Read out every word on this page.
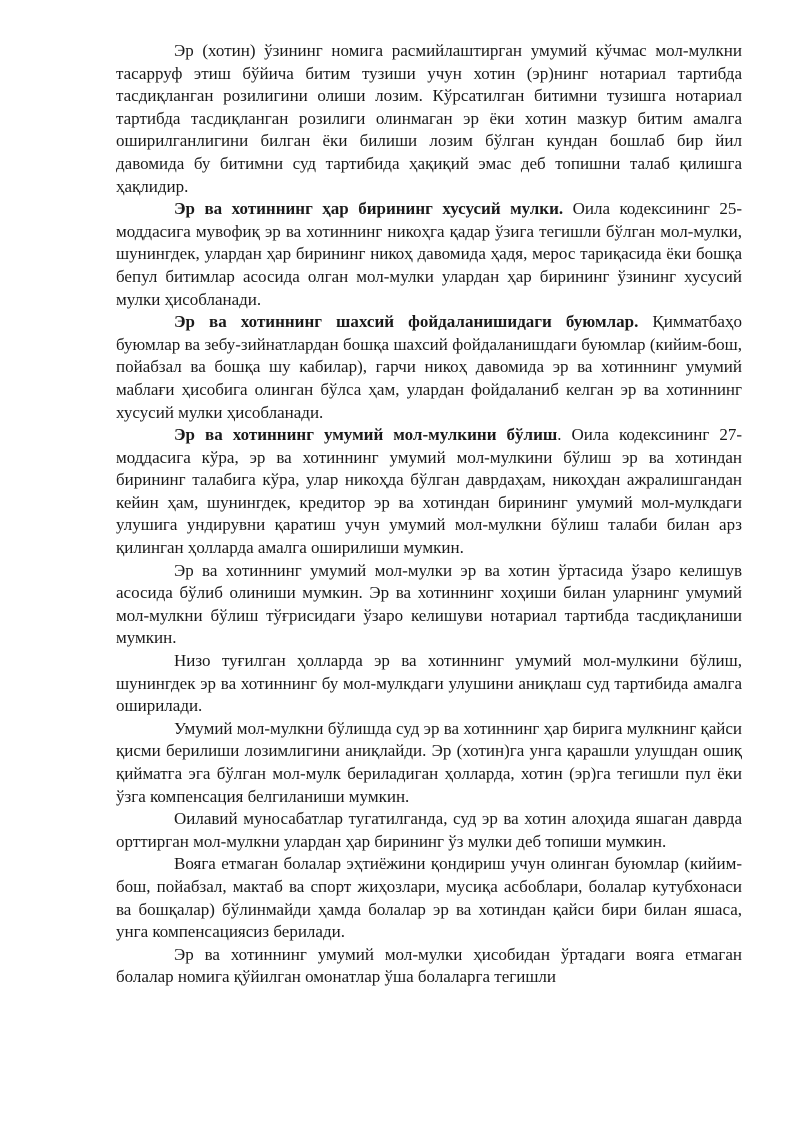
Эр (хотин) ўзининг номига расмийлаштирган умумий кўчмас мол-мулкни тасарруф этиш бўйича битим тузиши учун хотин (эр)нинг нотариал тартибда тасдиқланган розилигини олиши лозим. Кўрсатилган битимни тузишга нотариал тартибда тасдиқланган розилиги олинмаган эр ёки хотин мазкур битим амалга оширилганлигини билган ёки билиши лозим бўлган кундан бошлаб бир йил давомида бу битимни суд тартибида ҳақиқий эмас деб топишни талаб қилишга ҳақлидир.

Эр ва хотиннинг ҳар бирининг хусусий мулки. Оила кодексининг 25-моддасига мувофиқ эр ва хотиннинг никоҳга қадар ўзига тегишли бўлган мол-мулки, шунингдек, улардан ҳар бирининг никоҳ давомида ҳадя, мерос тариқасида ёки бошқа бепул битимлар асосида олган мол-мулки улардан ҳар бирининг ўзининг хусусий мулки ҳисобланади.

Эр ва хотиннинг шахсий фойдаланишидаги буюмлар. Қимматбаҳо буюмлар ва зебу-зийнатлардан бошқа шахсий фойдаланишдаги буюмлар (кийим-бош, пойабзал ва бошқа шу кабилар), гарчи никоҳ давомида эр ва хотиннинг умумий маблағи ҳисобига олинган бўлса ҳам, улардан фойдаланиб келган эр ва хотиннинг хусусий мулки ҳисобланади.

Эр ва хотиннинг умумий мол-мулкини бўлиш. Оила кодексининг 27-моддасига кўра, эр ва хотиннинг умумий мол-мулкини бўлиш эр ва хотиндан бирининг талабига кўра, улар никоҳда бўлган даврдаҳам, никоҳдан ажралишгандан кейин ҳам, шунингдек, кредитор эр ва хотиндан бирининг умумий мол-мулкдаги улушига ундирувни қаратиш учун умумий мол-мулкни бўлиш талаби билан арз қилинган ҳолларда амалга оширилиши мумкин.

Эр ва хотиннинг умумий мол-мулки эр ва хотин ўртасида ўзаро келишув асосида бўлиб олиниши мумкин. Эр ва хотиннинг хоҳиши билан уларнинг умумий мол-мулкни бўлиш тўғрисидаги ўзаро келишуви нотариал тартибда тасдиқланиши мумкин.

Низо туғилган ҳолларда эр ва хотиннинг умумий мол-мулкини бўлиш, шунингдек эр ва хотиннинг бу мол-мулкдаги улушини аниқлаш суд тартибида амалга оширилади.

Умумий мол-мулкни бўлишда суд эр ва хотиннинг ҳар бирига мулкнинг қайси қисми берилиши лозимлигини аниқлайди. Эр (хотин)га унга қарашли улушдан ошиқ қийматга эга бўлган мол-мулк бериладиган ҳолларда, хотин (эр)га тегишли пул ёки ўзга компенсация белгиланиши мумкин.

Оилавий муносабатлар тугатилганда, суд эр ва хотин алоҳида яшаган даврда орттирган мол-мулкни улардан ҳар бирининг ўз мулки деб топиши мумкин.

Вояга етмаган болалар эҳтиёжини қондириш учун олинган буюмлар (кийим-бош, пойабзал, мактаб ва спорт жиҳозлари, мусиқа асбоблари, болалар кутубхонаси ва бошқалар) бўлинмайди ҳамда болалар эр ва хотиндан қайси бири билан яшаса, унга компенсациясиз берилади.

Эр ва хотиннинг умумий мол-мулки ҳисобидан ўртадаги вояга етмаган болалар номига қўйилган омонатлар ўша болаларга тегишли
